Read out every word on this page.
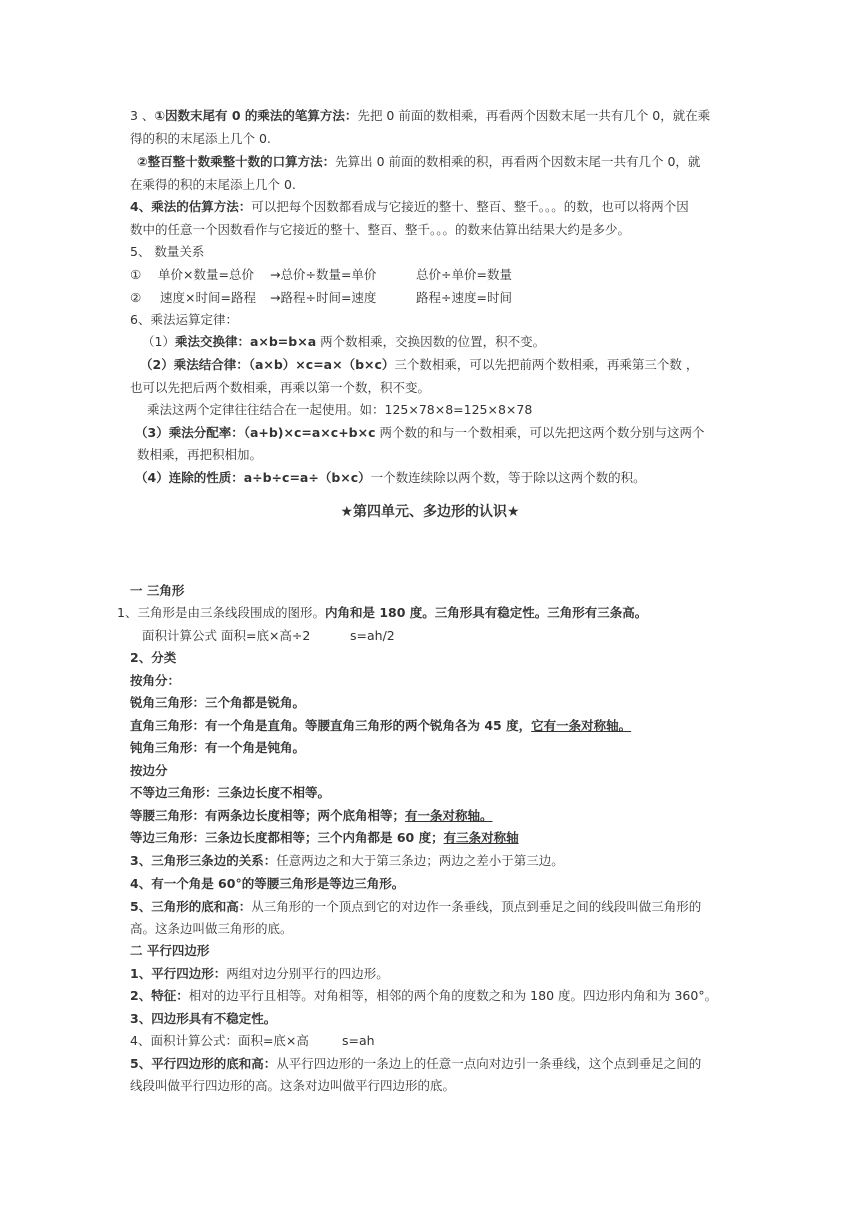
3 、①因数末尾有 0 的乘法的笔算方法：先把 0 前面的数相乘，再看两个因数末尾一共有几个 0，就在乘
得的积的末尾添上几个 0.
②整百整十数乘整十数的口算方法：先算出 0 前面的数相乘的积，再看两个因数末尾一共有几个 0，就
在乘得的积的末尾添上几个 0.
4、乘法的估算方法：可以把每个因数都看成与它接近的整十、整百、整千。。。的数，也可以将两个因
数中的任意一个因数看作与它接近的整十、整百、整千。。。的数来估算出结果大约是多少。
5、 数量关系
① 单价×数量=总价 →总价÷数量=单价	总价÷单价=数量
② 速度×时间=路程 →路程÷时间=速度	路程÷速度=时间
6、乘法运算定律：
（1）乘法交换律：a×b=b×a 两个数相乘，交换因数的位置，积不变。
（2）乘法结合律：（a×b）×c=a×（b×c）三个数相乘，可以先把前两个数相乘，再乘第三个数 ，
也可以先把后两个数相乘，再乘以第一个数，积不变。
乘法这两个定律往往结合在一起使用。如：125×78×8=125×8×78
（3）乘法分配率：（a+b)×c=a×c+b×c 两个数的和与一个数相乘，可以先把这两个数分别与这两个
数相乘，再把积相加。
（4）连除的性质：a÷b÷c=a÷（b×c）一个数连续除以两个数，等于除以这两个数的积。
★第四单元、多边形的认识★
一 三角形
1、三角形是由三条线段围成的图形。内角和是 180 度。三角形具有稳定性。三角形有三条高。
面积计算公式 面积=底×高÷2	s=ah/2
2、分类
按角分：
锐角三角形：三个角都是锐角。
直角三角形：有一个角是直角。等腰直角三角形的两个锐角各为 45 度，它有一条对称轴。
钝角三角形：有一个角是钝角。
按边分
不等边三角形：三条边长度不相等。
等腰三角形：有两条边长度相等；两个底角相等；有一条对称轴。
等边三角形：三条边长度都相等；三个内角都是 60 度；有三条对称轴
3、三角形三条边的关系：任意两边之和大于第三条边；两边之差小于第三边。
4、有一个角是 60°的等腰三角形是等边三角形。
5、三角形的底和高：从三角形的一个顶点到它的对边作一条垂线，顶点到垂足之间的线段叫做三角形的
高。这条边叫做三角形的底。
二 平行四边形
1、平行四边形：两组对边分别平行的四边形。
2、特征：相对的边平行且相等。对角相等，相邻的两个角的度数之和为 180 度。四边形内角和为 360°。
3、四边形具有不稳定性。
4、面积计算公式：面积=底×高	s=ah
5、平行四边形的底和高：从平行四边形的一条边上的任意一点向对边引一条垂线，这个点到垂足之间的
线段叫做平行四边形的高。这条对边叫做平行四边形的底。
